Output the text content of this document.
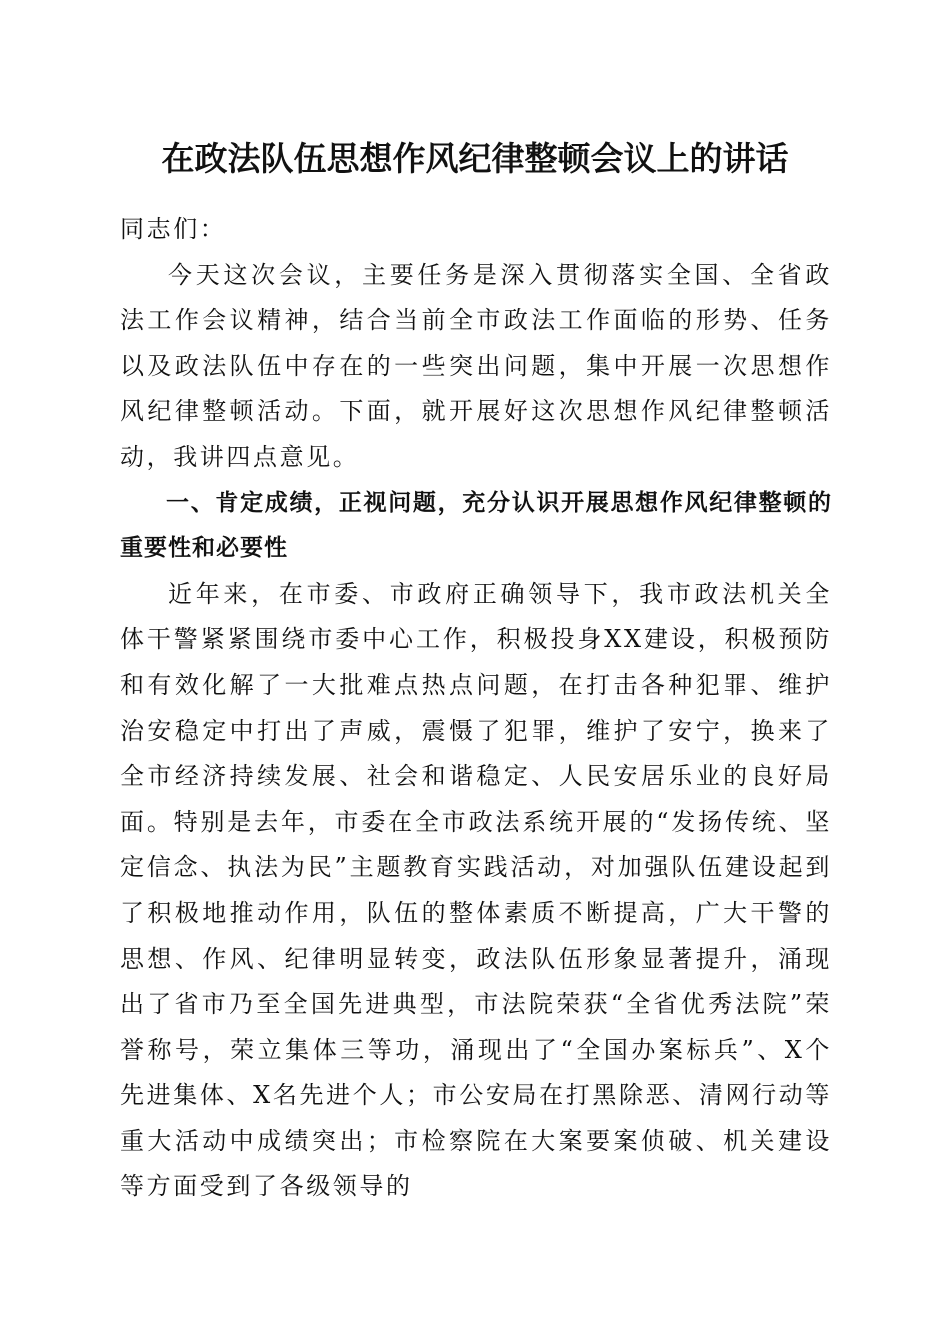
在政法队伍思想作风纪律整顿会议上的讲话

同志们：

今天这次会议，主要任务是深入贯彻落实全国、全省政法工作会议精神，结合当前全市政法工作面临的形势、任务以及政法队伍中存在的一些突出问题，集中开展一次思想作风纪律整顿活动。下面，就开展好这次思想作风纪律整顿活动，我讲四点意见。

一、肯定成绩，正视问题，充分认识开展思想作风纪律整顿的重要性和必要性

近年来，在市委、市政府正确领导下，我市政法机关全体干警紧紧围绕市委中心工作，积极投身XX建设，积极预防和有效化解了一大批难点热点问题，在打击各种犯罪、维护治安稳定中打出了声威，震慑了犯罪，维护了安宁，换来了全市经济持续发展、社会和谐稳定、人民安居乐业的良好局面。特别是去年，市委在全市政法系统开展的“发扬传统、坚定信念、执法为民”主题教育实践活动，对加强队伍建设起到了积极地推动作用，队伍的整体素质不断提高，广大干警的思想、作风、纪律明显转变，政法队伍形象显著提升，涌现出了省市乃至全国先进典型，市法院荣获“全省优秀法院”荣誉称号，荣立集体三等功，涌现出了“全国办案标兵”、X个先进集体、X名先进个人；市公安局在打黑除恶、清网行动等重大活动中成绩突出；市检察院在大案要案侦破、机关建设等方面受到了各级领导的
